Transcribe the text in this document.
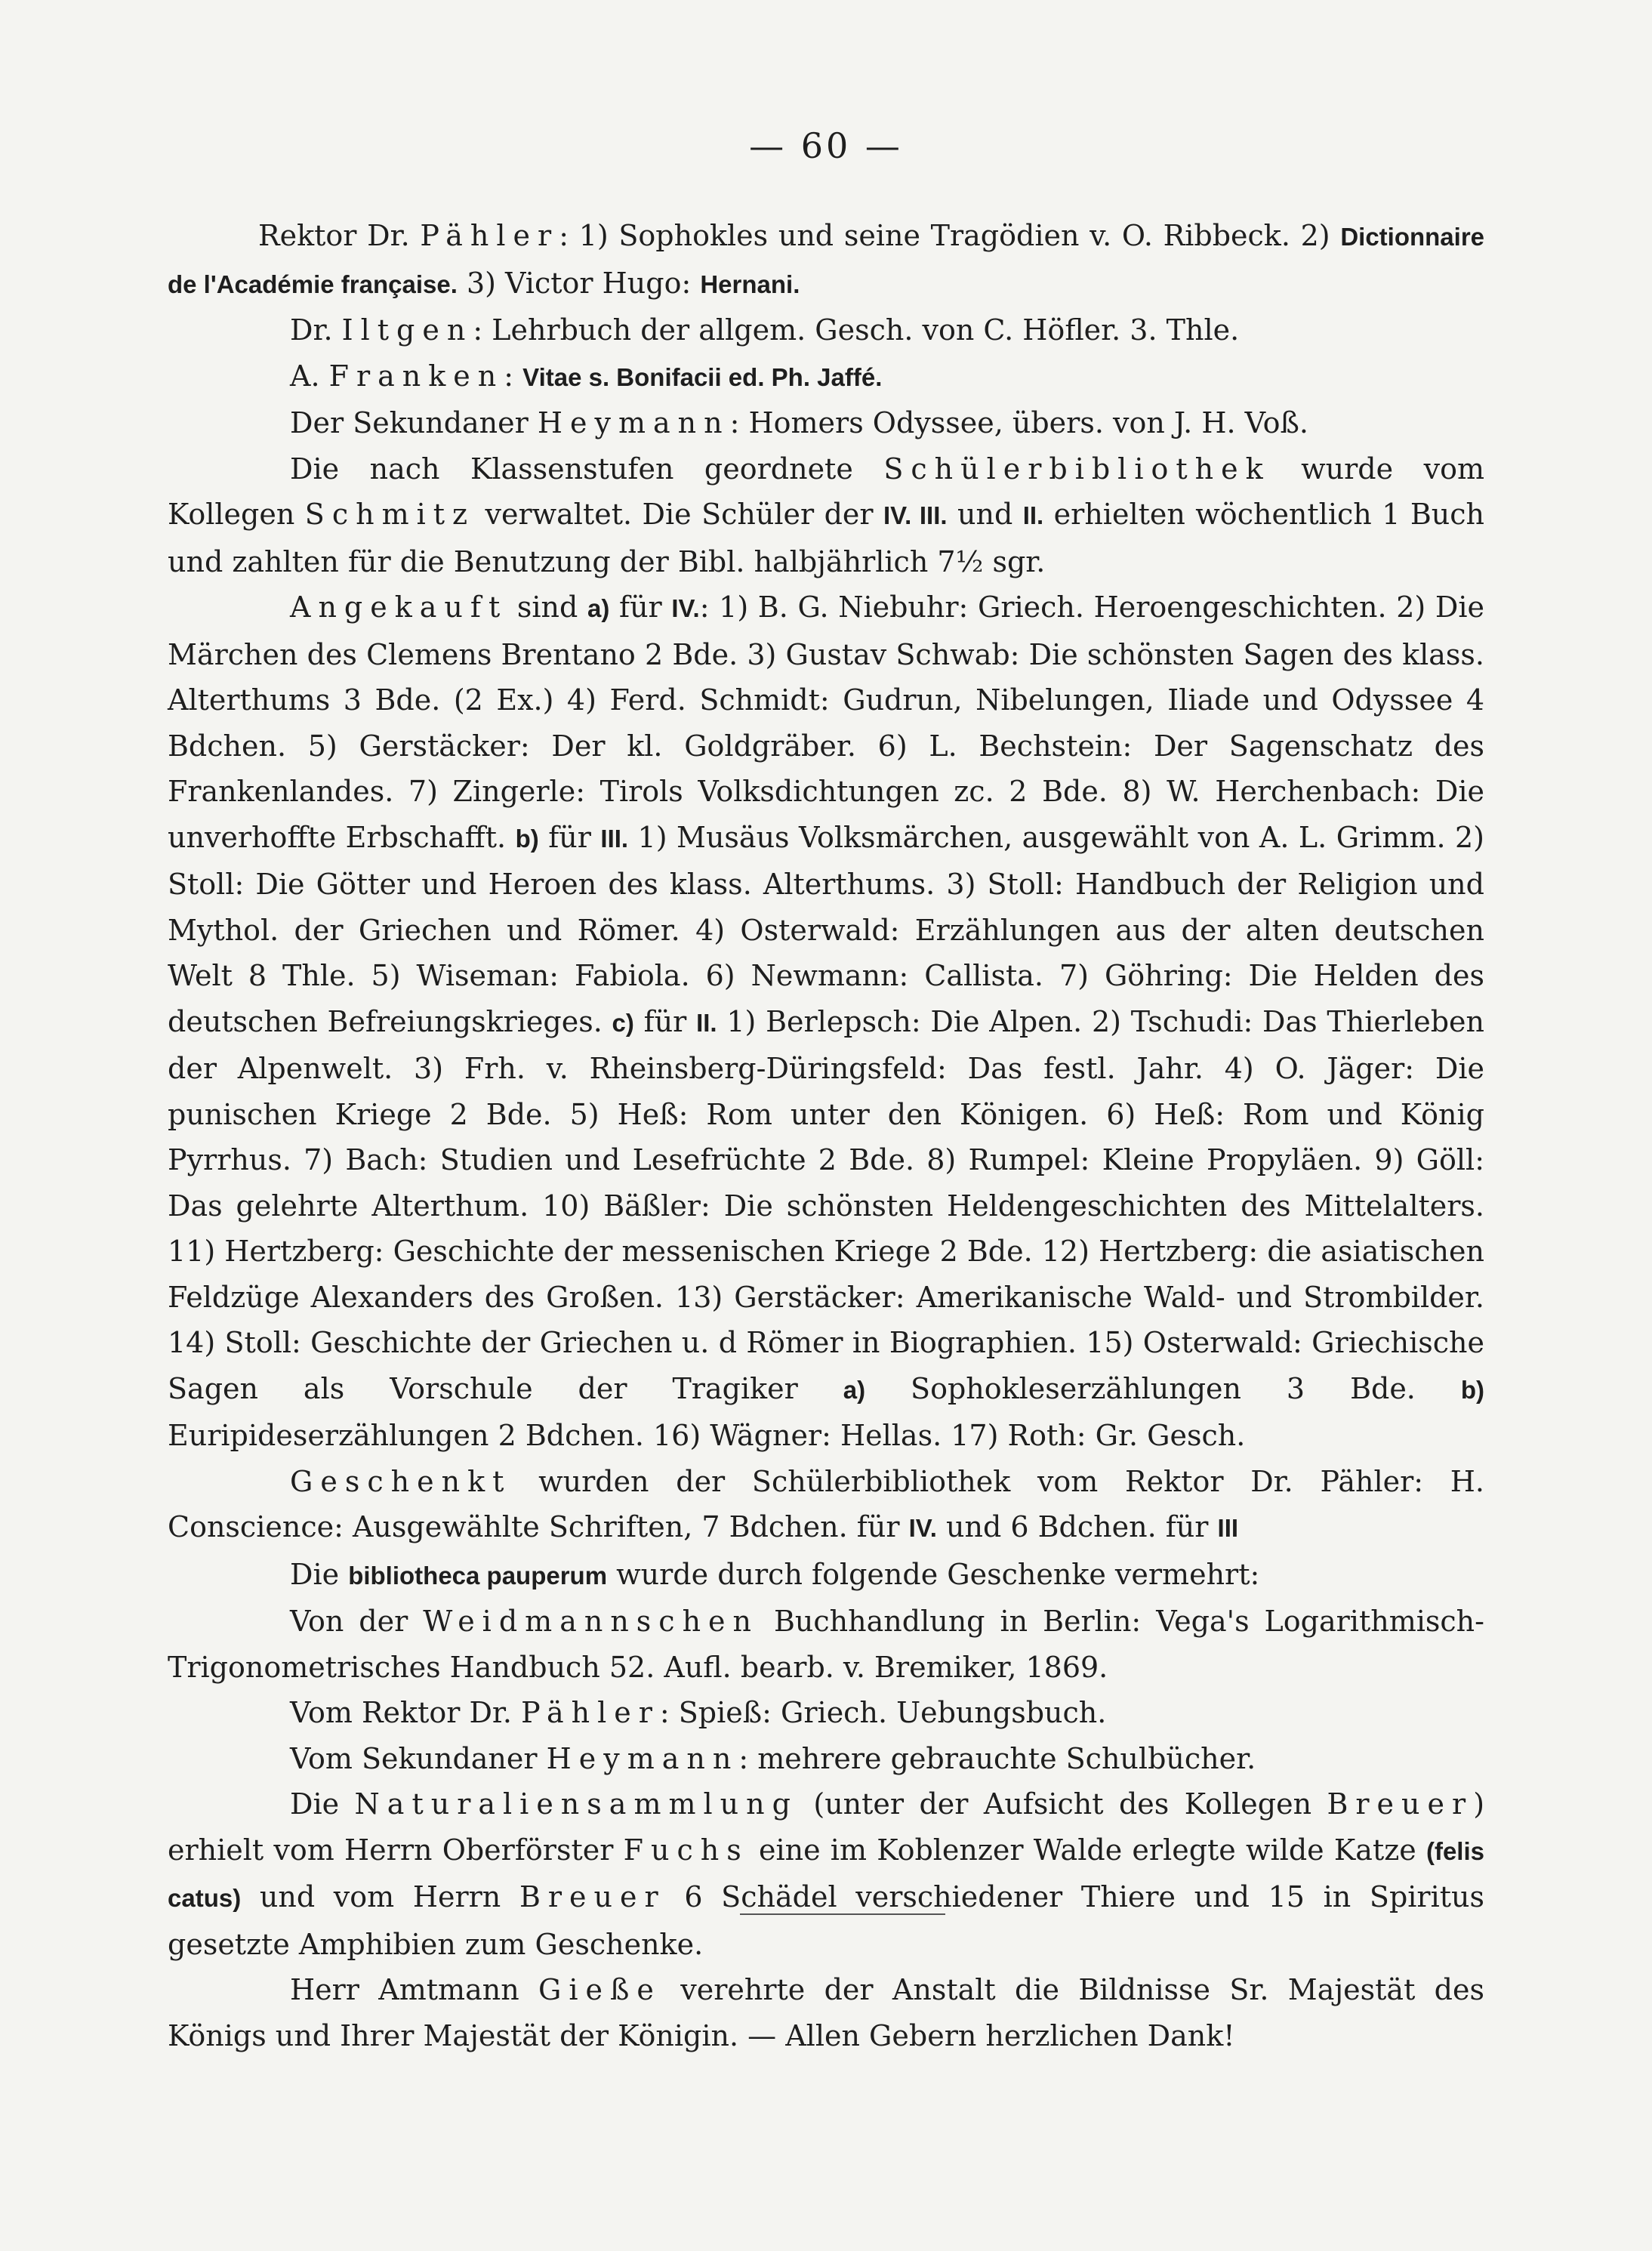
— 60 —

Rektor Dr. Pähler: 1) Sophokles und seine Tragödien v. O. Ribbeck. 2) Dictionnaire de l'Académie française. 3) Victor Hugo: Hernani.

Dr. Iltgen: Lehrbuch der allgem. Gesch. von C. Höfler. 3. Thle.

A. Franken: Vitae s. Bonifacii ed. Ph. Jaffé.

Der Sekundaner Heymann: Homers Odyssee, übers. von J. H. Voß.

Die nach Klassenstufen geordnete Schülerbibliothek wurde vom Kollegen Schmitz verwaltet. Die Schüler der IV. III. und II. erhielten wöchentlich 1 Buch und zahlten für die Benutzung der Bibl. halbjährlich 7½ sgr.

Angekauft sind a) für IV.: 1) B. G. Niebuhr: Griech. Heroengeschichten. 2) Die Märchen des Clemens Brentano 2 Bde. 3) Gustav Schwab: Die schönsten Sagen des klass. Alterthums 3 Bde. (2 Ex.) 4) Ferd. Schmidt: Gudrun, Nibelungen, Iliade und Odyssee 4 Bdchen. 5) Gerstäcker: Der kl. Goldgräber. 6) L. Bechstein: Der Sagenschatz des Frankenlandes. 7) Zingerle: Tirols Volksdichtungen zc. 2 Bde. 8) W. Herchenbach: Die unverhoffte Erbschafft. b) für III. 1) Musäus Volksmärchen, ausgewählt von A. L. Grimm. 2) Stoll: Die Götter und Heroen des klass. Alterthums. 3) Stoll: Handbuch der Religion und Mythol. der Griechen und Römer. 4) Osterwald: Erzählungen aus der alten deutschen Welt 8 Thle. 5) Wiseman: Fabiola. 6) Newmann: Callista. 7) Göhring: Die Helden des deutschen Befreiungskrieges. c) für II. 1) Berlepsch: Die Alpen. 2) Tschudi: Das Thierleben der Alpenwelt. 3) Frh. v. Rheinsberg-Düringsfeld: Das festl. Jahr. 4) O. Jäger: Die punischen Kriege 2 Bde. 5) Heß: Rom unter den Königen. 6) Heß: Rom und König Pyrrhus. 7) Bach: Studien und Lesefrüchte 2 Bde. 8) Rumpel: Kleine Propyläen. 9) Göll: Das gelehrte Alterthum. 10) Bäßler: Die schönsten Heldengeschichten des Mittelalters. 11) Hertzberg: Geschichte der messenischen Kriege 2 Bde. 12) Hertzberg: die asiatischen Feldzüge Alexanders des Großen. 13) Gerstäcker: Amerikanische Wald- und Strombilder. 14) Stoll: Geschichte der Griechen u. d Römer in Biographien. 15) Osterwald: Griechische Sagen als Vorschule der Tragiker a) Sophokleserzählungen 3 Bde. b) Euripideserzählungen 2 Bdchen. 16) Wägner: Hellas. 17) Roth: Gr. Gesch.

Geschenkt wurden der Schülerbibliothek vom Rektor Dr. Pähler: H. Conscience: Ausgewählte Schriften, 7 Bdchen. für IV. und 6 Bdchen. für III

Die bibliotheca pauperum wurde durch folgende Geschenke vermehrt:

Von der Weidmannschen Buchhandlung in Berlin: Vega's Logarithmisch-Trigonometrisches Handbuch 52. Aufl. bearb. v. Bremiker, 1869.

Vom Rektor Dr. Pähler: Spieß: Griech. Uebungsbuch.

Vom Sekundaner Heymann: mehrere gebrauchte Schulbücher.

Die Naturaliensammlung (unter der Aufsicht des Kollegen Breuer) erhielt vom Herrn Oberförster Fuchs eine im Koblenzer Walde erlegte wilde Katze (felis catus) und vom Herrn Breuer 6 Schädel verschiedener Thiere und 15 in Spiritus gesetzte Amphibien zum Geschenke.

Herr Amtmann Gieße verehrte der Anstalt die Bildnisse Sr. Majestät des Königs und Ihrer Majestät der Königin. — Allen Gebern herzlichen Dank!
